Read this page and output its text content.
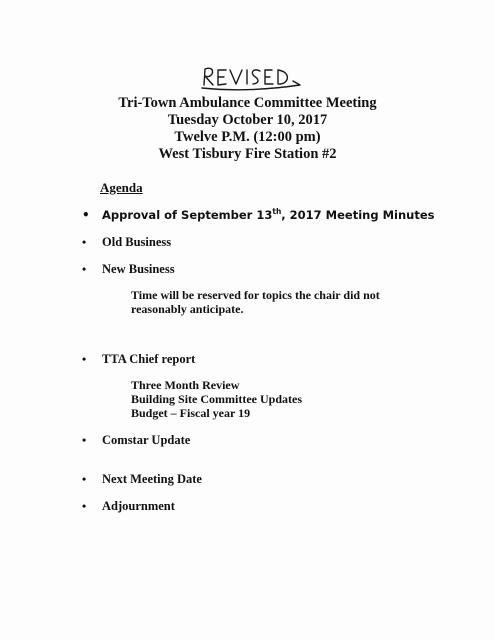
Tri-Town Ambulance Committee Meeting
Tuesday October 10, 2017
Twelve P.M. (12:00 pm)
West Tisbury Fire Station #2
Agenda
• Approval of September 13th, 2017 Meeting Minutes
• Old Business
• New Business
Time will be reserved for topics the chair did not
reasonably anticipate.
• TTA Chief report
Three Month Review
Building Site Committee Updates
Budget – Fiscal year 19
• Comstar Update
• Next Meeting Date
• Adjournment
